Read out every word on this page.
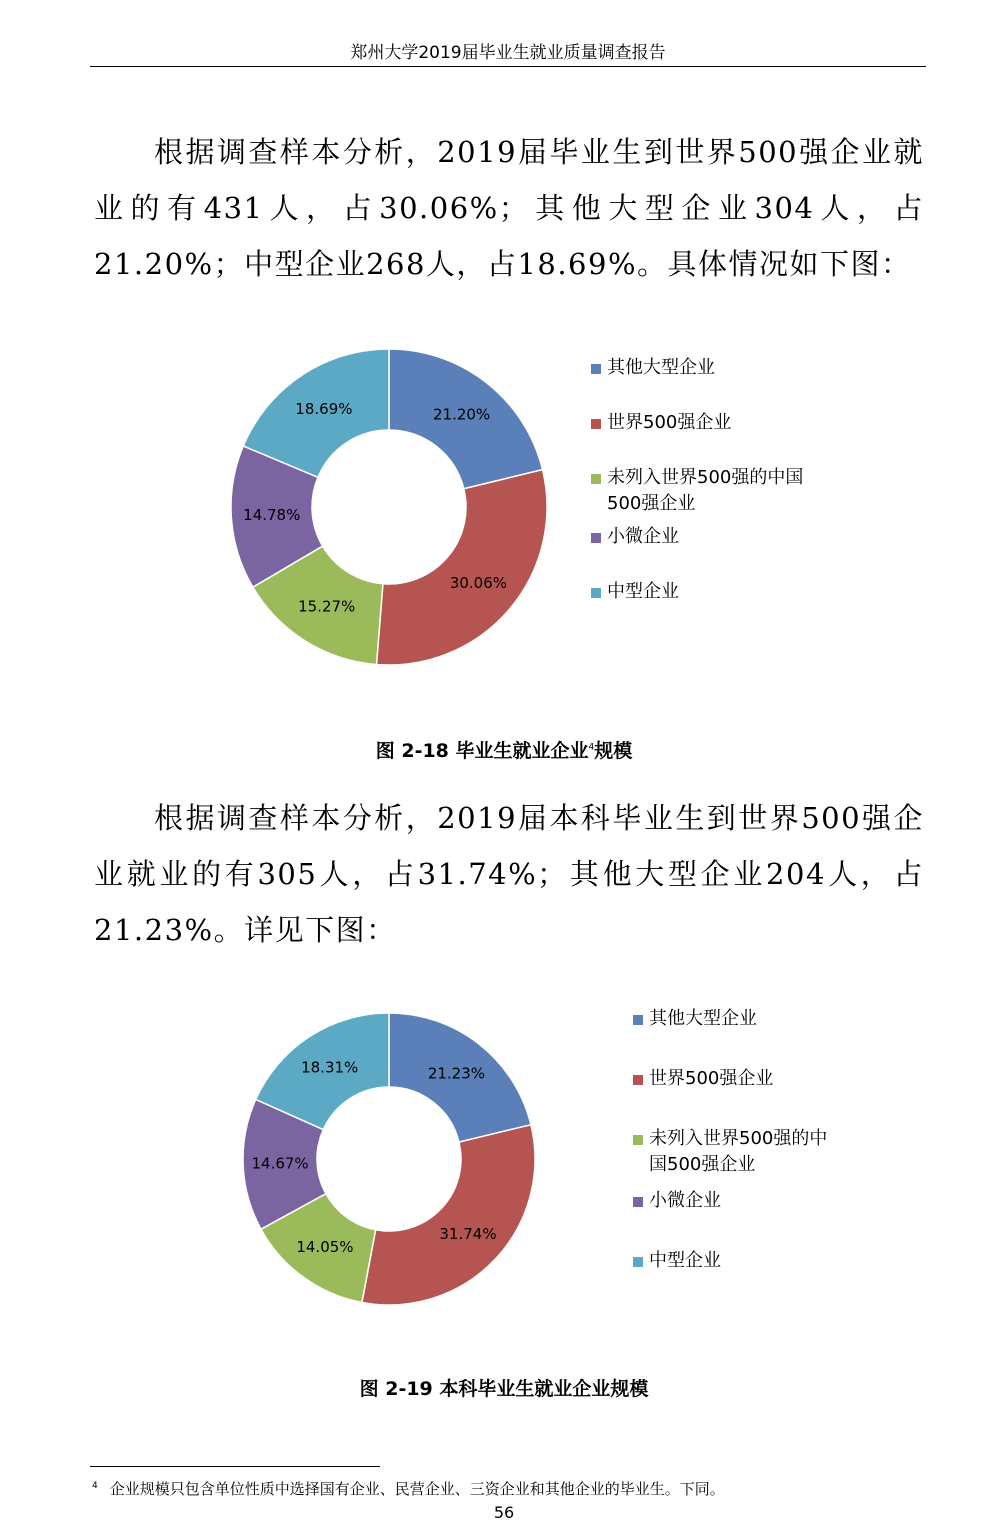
郑州大学2019届毕业生就业质量调查报告

根据调查样本分析，2019届毕业生到世界500强企业就业的有431人，占30.06%；其他大型企业304人，占21.20%；中型企业268人，占18.69%。具体情况如下图：

21.20%
30.06%
15.27%
14.78%
18.69%
其他大型企业
世界500强企业
未列入世界500强的中国
500强企业
小微企业
中型企业
图 2-18 毕业生就业企业$^4$规模

根据调查样本分析，2019届本科毕业生到世界500强企业就业的有305人，占31.74%；其他大型企业204人，占21.23%。详见下图：

21.23%
31.74%
14.05%
14.67%
18.31%
其他大型企业
世界500强企业
未列入世界500强的中
国500强企业
小微企业
中型企业
图 2-19 本科毕业生就业企业规模
$^4$ 企业规模只包含单位性质中选择国有企业、民营企业、三资企业和其他企业的毕业生。下同。
56
